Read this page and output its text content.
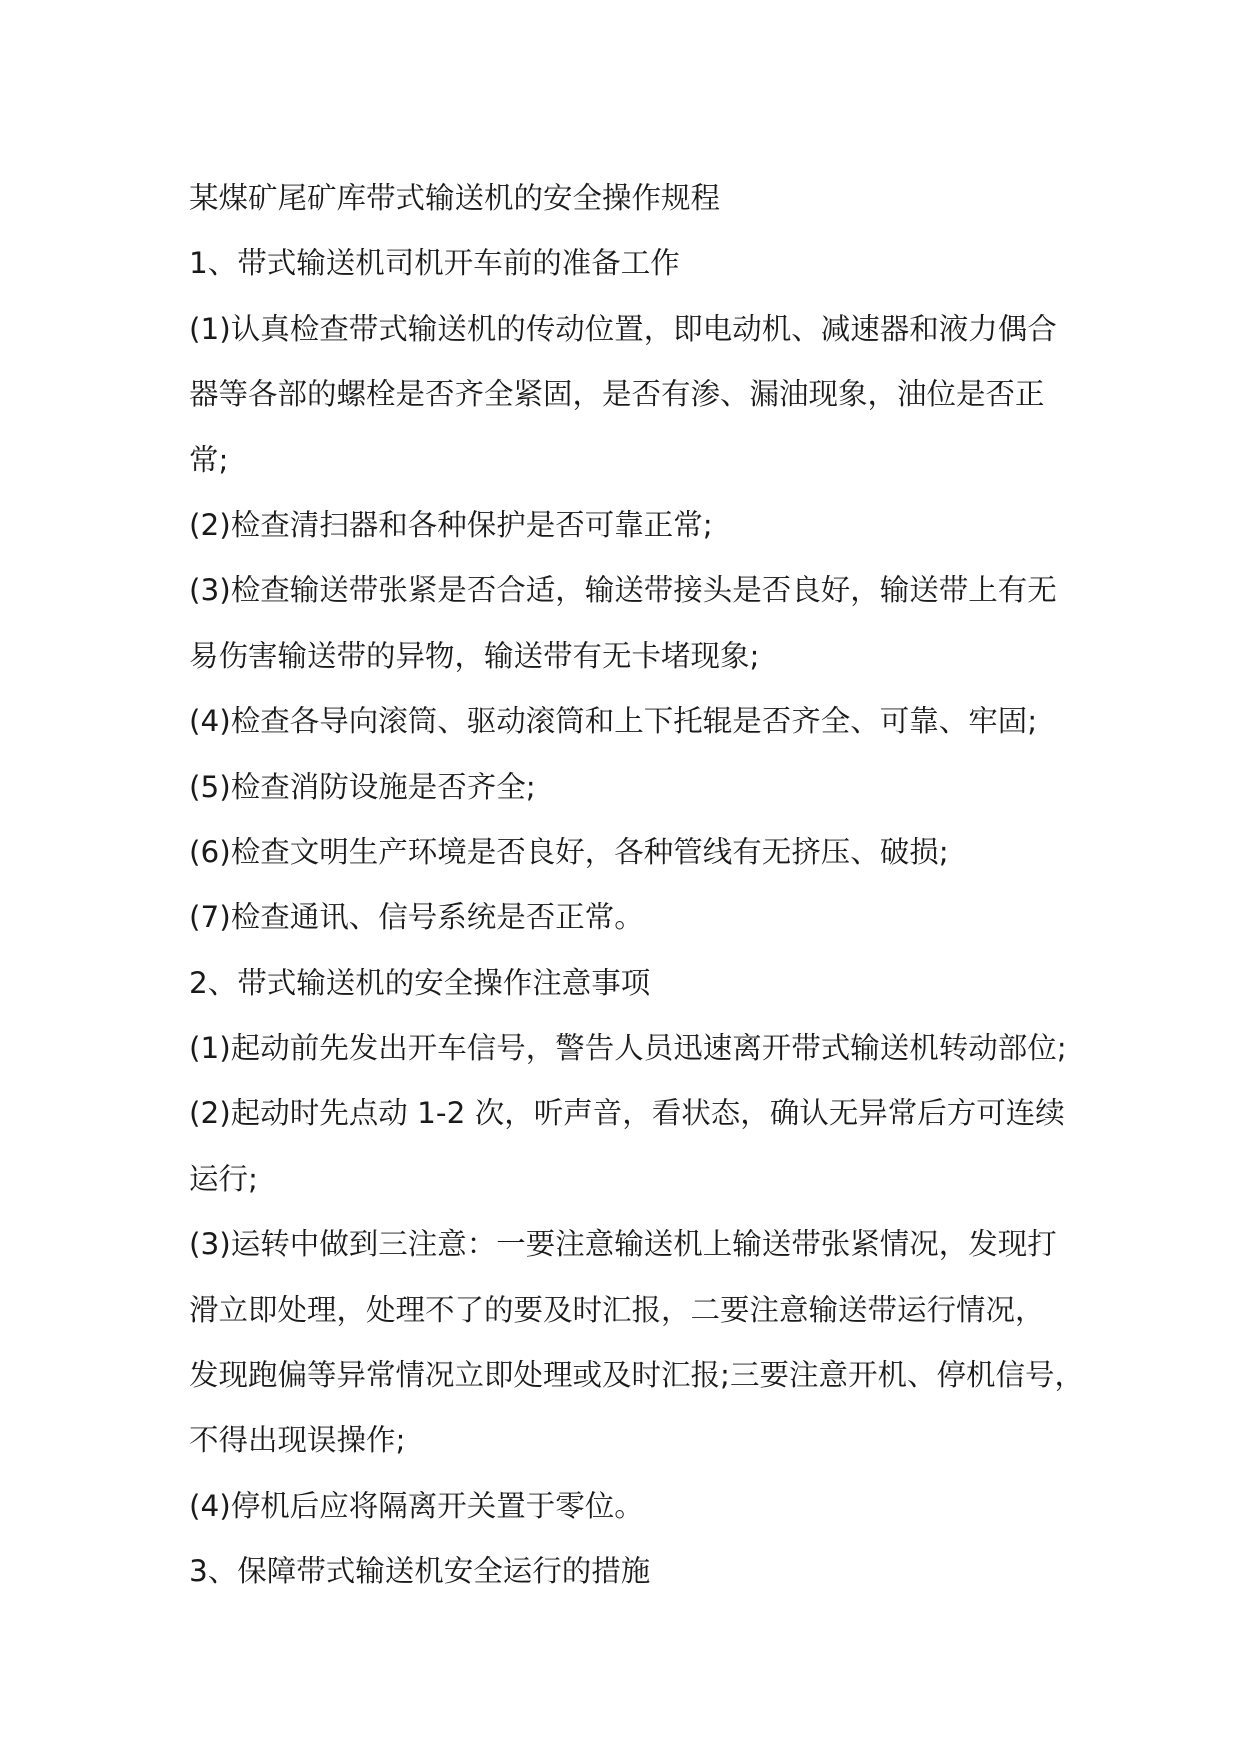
某煤矿尾矿库带式输送机的安全操作规程
1、带式输送机司机开车前的准备工作
(1)认真检查带式输送机的传动位置，即电动机、减速器和液力偶合
器等各部的螺栓是否齐全紧固，是否有渗、漏油现象，油位是否正
常;
(2)检查清扫器和各种保护是否可靠正常;
(3)检查输送带张紧是否合适，输送带接头是否良好，输送带上有无
易伤害输送带的异物，输送带有无卡堵现象;
(4)检查各导向滚筒、驱动滚筒和上下托辊是否齐全、可靠、牢固;
(5)检查消防设施是否齐全;
(6)检查文明生产环境是否良好，各种管线有无挤压、破损;
(7)检查通讯、信号系统是否正常。
2、带式输送机的安全操作注意事项
(1)起动前先发出开车信号，警告人员迅速离开带式输送机转动部位;
(2)起动时先点动 1-2 次，听声音，看状态，确认无异常后方可连续
运行;
(3)运转中做到三注意：一要注意输送机上输送带张紧情况，发现打
滑立即处理，处理不了的要及时汇报，二要注意输送带运行情况，
发现跑偏等异常情况立即处理或及时汇报;三要注意开机、停机信号，
不得出现误操作;
(4)停机后应将隔离开关置于零位。
3、保障带式输送机安全运行的措施
